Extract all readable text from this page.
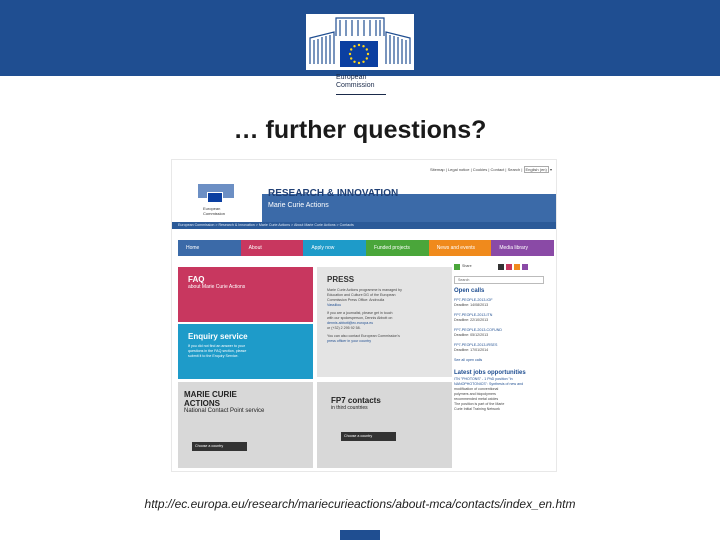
European
Commission
… further questions?
Sitemap | Legal notice | Cookies | Contact | Search | English (en) ▾
European
Commission
RESEARCH & INNOVATION
Marie Curie Actions
European Commission > Research & Innovation > Marie Curie Actions > About Marie Curie Actions > Contacts
Home	About	Apply now	Funded projects	News and events	Media library
FAQ
about Marie Curie Actions
PRESS
Marie Curie Actions programme is managed by
Education and Culture DG of the European
Commission Press Office: Androulla
Vassiliou
If you are a journalist, please get in touch
with our spokesperson, Dennis Abbott on
dennis.abbott@ec.europa.eu
or (+32) 2 295 92 58.
You can also contact European Commission's
press officer in your country
Enquiry service
If you did not find an answer to your
questions in the FAQ section, please
submit it to the Enquiry Service.
MARIE CURIE
ACTIONS
National Contact Point service
Choose a country
FP7 contacts
in third countries
Choose a country
Share
Search
Open calls
FP7-PEOPLE-2013-IOF
Deadline: 14/08/2013
FP7-PEOPLE-2013-ITN
Deadline: 22/10/2013
FP7-PEOPLE-2013-COFUND
Deadline: 05/12/2013
FP7-PEOPLE-2013-IRSES
Deadline: 17/01/2014
See all open calls
Latest jobs opportunities
ITN "PHOTONS" - 1 PhD position "in
NANOPHOTONICS": Synthesis of new and
modification of conventional
polymers and biopolymers
recommended metal oxides
The position is part of the Marie
Curie Initial Training Network
http://ec.europa.eu/research/mariecurieactions/about-mca/contacts/index_en.htm
